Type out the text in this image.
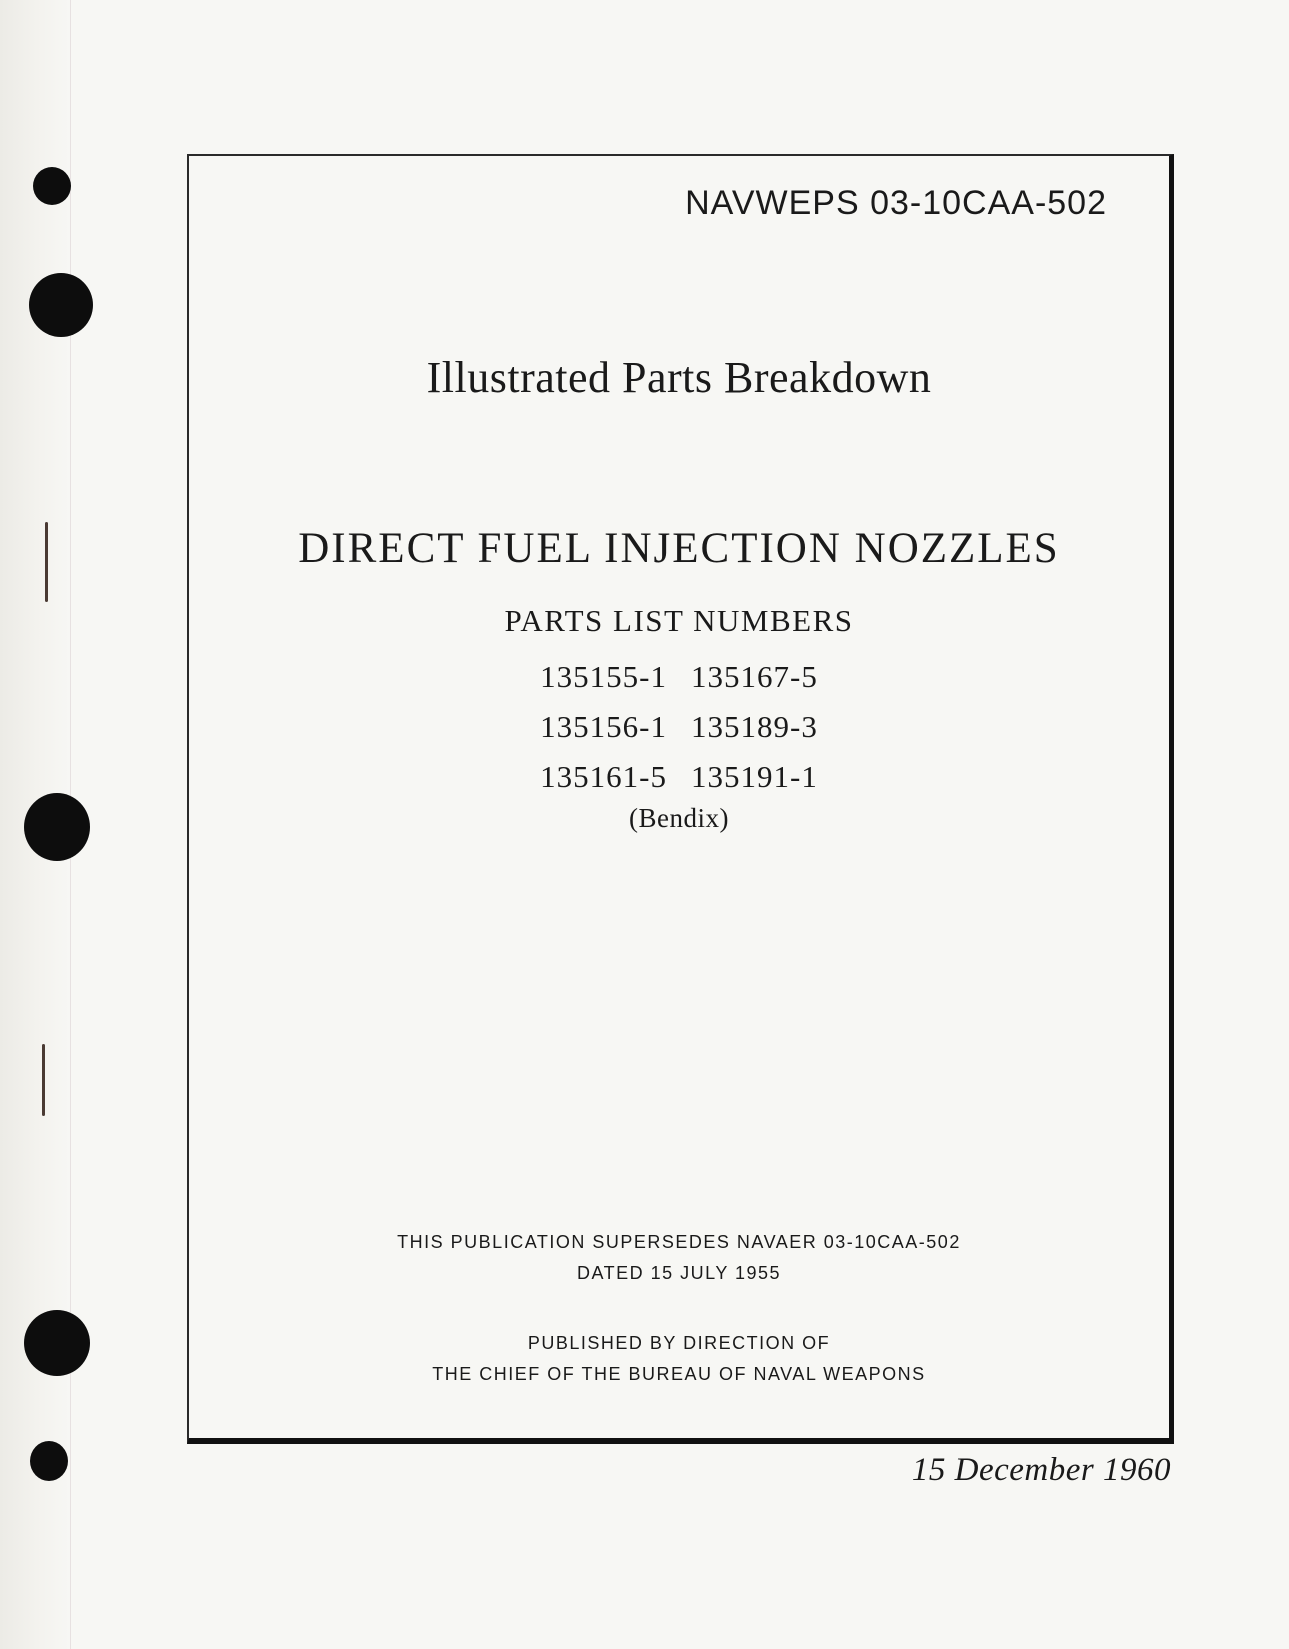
NAVWEPS 03-10CAA-502
Illustrated Parts Breakdown
DIRECT FUEL INJECTION NOZZLES
PARTS LIST NUMBERS
135155-1
135156-1
135161-5
135167-5
135189-3
135191-1
(Bendix)
THIS PUBLICATION SUPERSEDES NAVAER 03-10CAA-502
DATED 15 JULY 1955
PUBLISHED BY DIRECTION OF
THE CHIEF OF THE BUREAU OF NAVAL WEAPONS
15 December 1960
